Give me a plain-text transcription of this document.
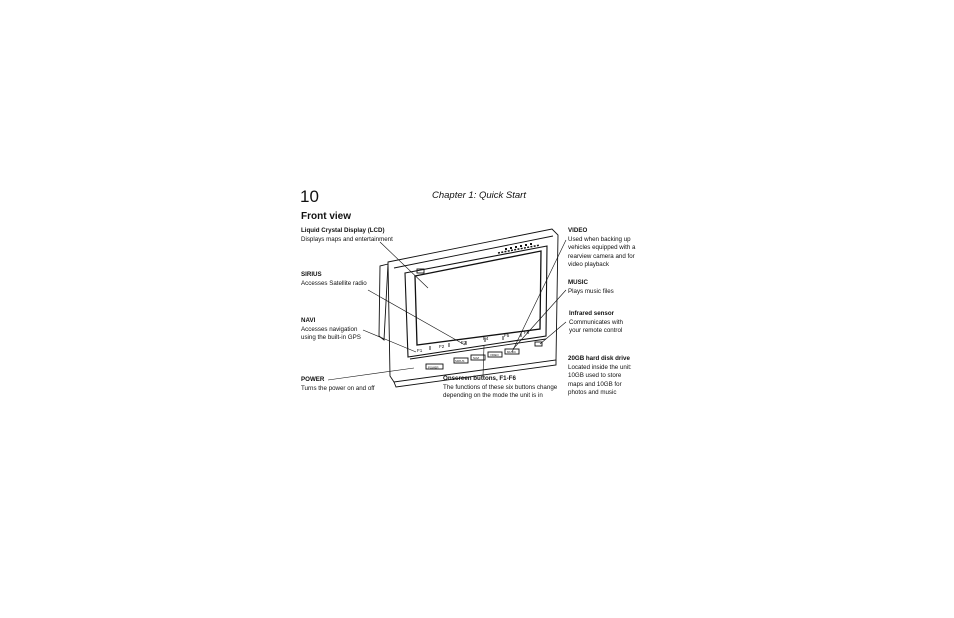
10	Chapter 1: Quick Start
Front view
F1
F2
F3
F4
F5
F6
POWER
SIRIUS
NAVI
VIDEO
MUSIC
Liquid Crystal Display (LCD)
Displays maps and entertainment
SIRIUS
Accesses Satellite radio
NAVI
Accesses navigation
using the built-in GPS
POWER
Turns the power on and off
Onscreen buttons, F1-F6
The functions of these six buttons change
depending on the mode the unit is in
VIDEO
Used when backing up
vehicles equipped with a
rearview camera and for
video playback
MUSIC
Plays music files
Infrared sensor
Communicates with
your remote control
20GB hard disk drive
Located inside the unit:
10GB used to store
maps and 10GB for
photos and music
